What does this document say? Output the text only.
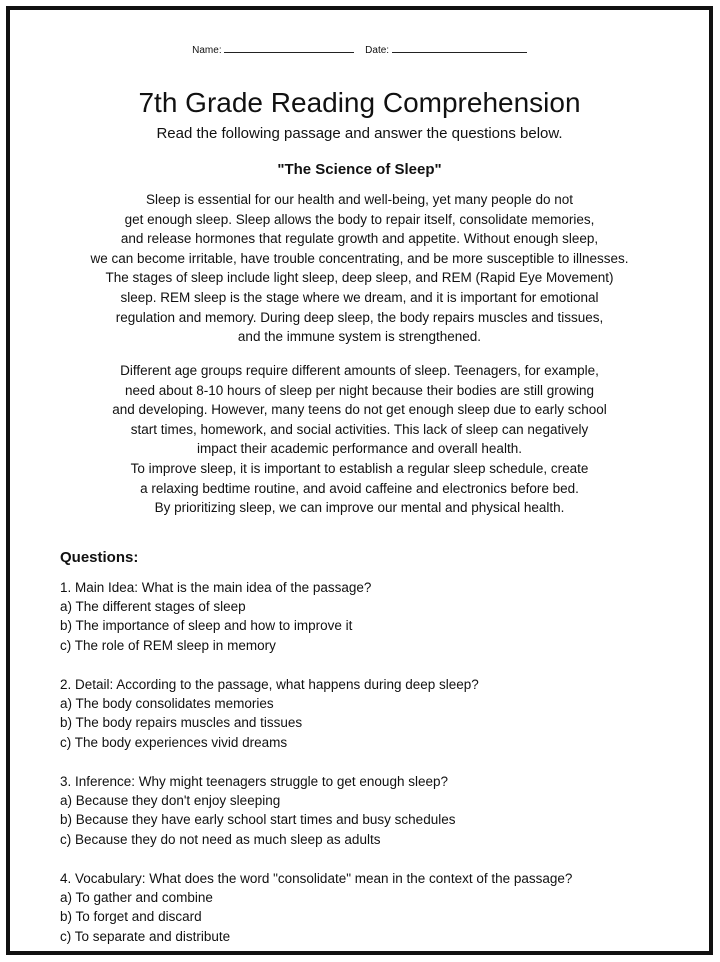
Name:	Date:
7th Grade Reading Comprehension
Read the following passage and answer the questions below.
"The Science of Sleep"
Sleep is essential for our health and well-being, yet many people do not
get enough sleep. Sleep allows the body to repair itself, consolidate memories,
and release hormones that regulate growth and appetite. Without enough sleep,
we can become irritable, have trouble concentrating, and be more susceptible to illnesses.
The stages of sleep include light sleep, deep sleep, and REM (Rapid Eye Movement)
sleep. REM sleep is the stage where we dream, and it is important for emotional
regulation and memory. During deep sleep, the body repairs muscles and tissues,
and the immune system is strengthened.
Different age groups require different amounts of sleep. Teenagers, for example,
need about 8-10 hours of sleep per night because their bodies are still growing
and developing. However, many teens do not get enough sleep due to early school
start times, homework, and social activities. This lack of sleep can negatively
impact their academic performance and overall health.
To improve sleep, it is important to establish a regular sleep schedule, create
a relaxing bedtime routine, and avoid caffeine and electronics before bed.
By prioritizing sleep, we can improve our mental and physical health.
Questions:
1. Main Idea: What is the main idea of the passage?
a) The different stages of sleep
b) The importance of sleep and how to improve it
c) The role of REM sleep in memory
2. Detail: According to the passage, what happens during deep sleep?
a) The body consolidates memories
b) The body repairs muscles and tissues
c) The body experiences vivid dreams
3. Inference: Why might teenagers struggle to get enough sleep?
a) Because they don't enjoy sleeping
b) Because they have early school start times and busy schedules
c) Because they do not need as much sleep as adults
4. Vocabulary: What does the word "consolidate" mean in the context of the passage?
a) To gather and combine
b) To forget and discard
c) To separate and distribute
